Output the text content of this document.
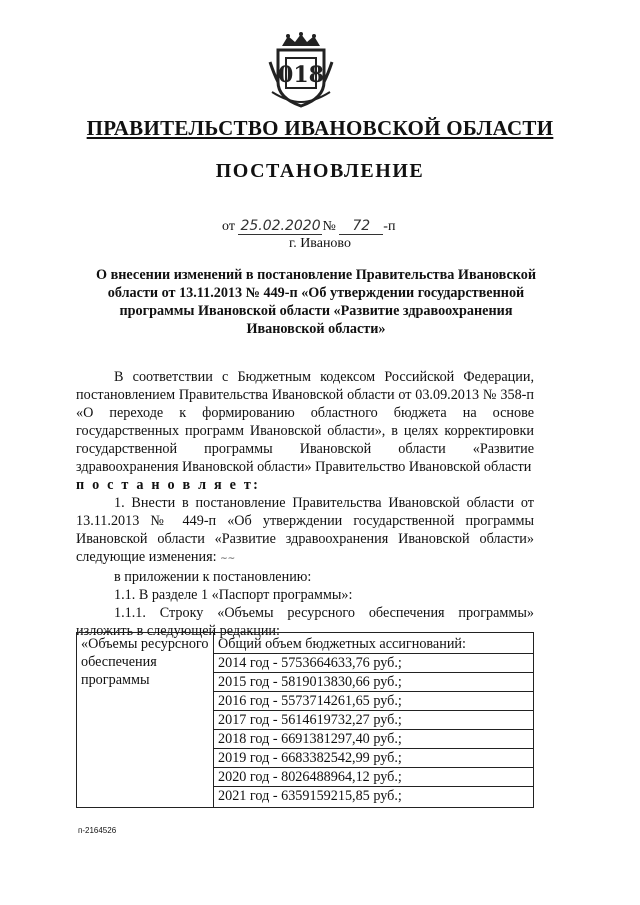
018
ПРАВИТЕЛЬСТВО ИВАНОВСКОЙ ОБЛАСТИ
ПОСТАНОВЛЕНИЕ
от 25.02.2020 № 72 -п
г. Иваново
О внесении изменений в постановление Правительства Ивановской области от 13.11.2013 № 449-п «Об утверждении государственной программы Ивановской области «Развитие здравоохранения Ивановской области»

В соответствии с Бюджетным кодексом Российской Федерации, постановлением Правительства Ивановской области от 03.09.2013 № 358-п «О переходе к формированию областного бюджета на основе государственных программ Ивановской области», в целях корректировки государственной программы Ивановской области «Развитие здравоохранения Ивановской области» Правительство Ивановской области

п о с т а н о в л я е т:

1. Внести в постановление Правительства Ивановской области от 13.11.2013 № 449-п «Об утверждении государственной программы Ивановской области «Развитие здравоохранения Ивановской области» следующие изменения: ~~

в приложении к постановлению:

1.1. В разделе 1 «Паспорт программы»:

1.1.1. Строку «Объемы ресурсного обеспечения программы» изложить в следующей редакции:

«Объемы ресурсного обеспечения программы	
Общий объем бюджетных ассигнований:
2014 год - 5753664633,76 руб.;
2015 год - 5819013830,66 руб.;
2016 год - 5573714261,65 руб.;
2017 год - 5614619732,27 руб.;
2018 год - 6691381297,40 руб.;
2019 год - 6683382542,99 руб.;
2020 год - 8026488964,12 руб.;
2021 год - 6359159215,85 руб.;
п-2164526
